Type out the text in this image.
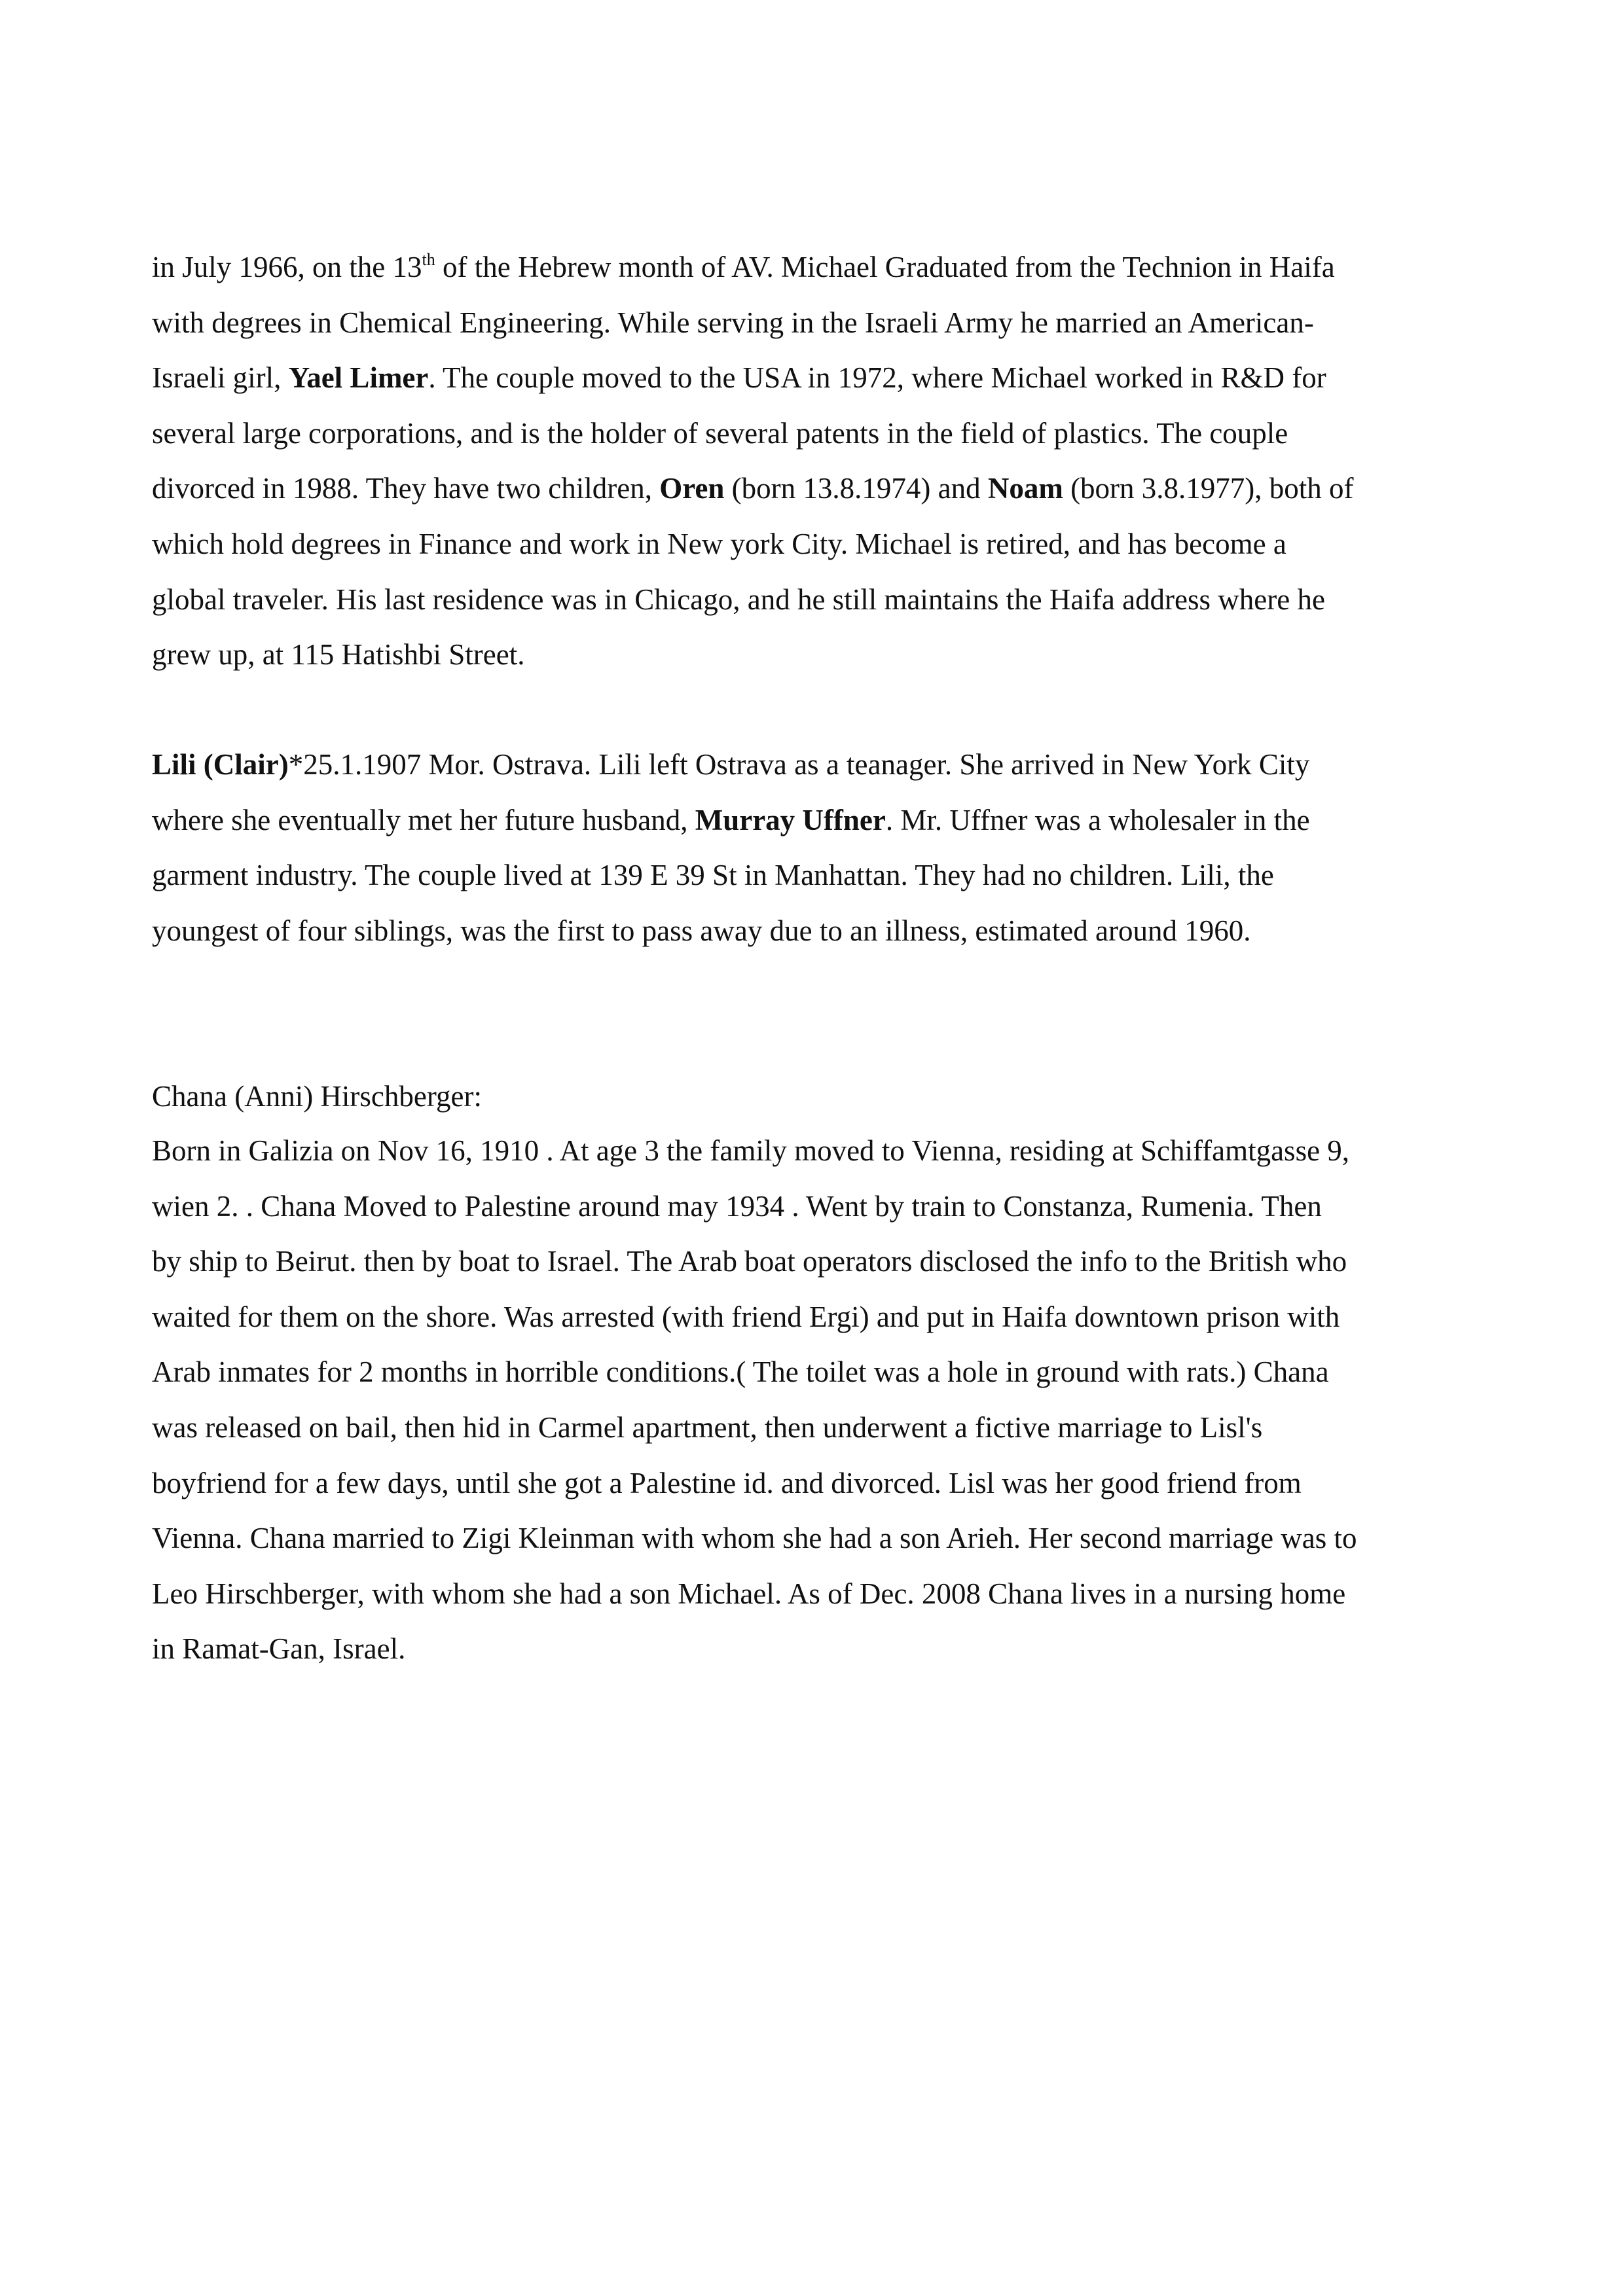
in July 1966, on the 13th of the Hebrew month of AV. Michael Graduated from the Technion in Haifa
with degrees in Chemical Engineering. While serving in the Israeli Army he married an American-
Israeli girl, Yael Limer. The couple moved to the USA in 1972, where Michael worked in R&D for
several large corporations, and is the holder of several patents in the field of plastics. The couple
divorced in 1988. They have two children, Oren (born 13.8.1974) and Noam (born 3.8.1977), both of
which hold degrees in Finance and work in New york City. Michael is retired, and has become a
global traveler. His last residence was in Chicago, and he still maintains the Haifa address where he
grew up, at 115 Hatishbi Street.
Lili (Clair)*25.1.1907 Mor. Ostrava. Lili left Ostrava as a teanager. She arrived in New York City
where she eventually met her future husband, Murray Uffner. Mr. Uffner was a wholesaler in the
garment industry. The couple lived at 139 E 39 St in Manhattan. They had no children. Lili, the
youngest of four siblings, was the first to pass away due to an illness, estimated around 1960.
Chana (Anni) Hirschberger:
Born in Galizia on Nov 16, 1910 . At age 3 the family moved to Vienna, residing at Schiffamtgasse 9,
wien 2. . Chana Moved to Palestine around may 1934 . Went by train to Constanza, Rumenia. Then
by ship to Beirut. then by boat to Israel. The Arab boat operators disclosed the info to the British who
waited for them on the shore. Was arrested (with friend Ergi) and put in Haifa downtown prison with
Arab inmates for 2 months in horrible conditions.( The toilet was a hole in ground with rats.) Chana
was released on bail, then hid in Carmel apartment, then underwent a fictive marriage to Lisl's
boyfriend for a few days, until she got a Palestine id. and divorced. Lisl was her good friend from
Vienna. Chana married to Zigi Kleinman with whom she had a son Arieh. Her second marriage was to
Leo Hirschberger, with whom she had a son Michael. As of Dec. 2008 Chana lives in a nursing home
in Ramat-Gan, Israel.
